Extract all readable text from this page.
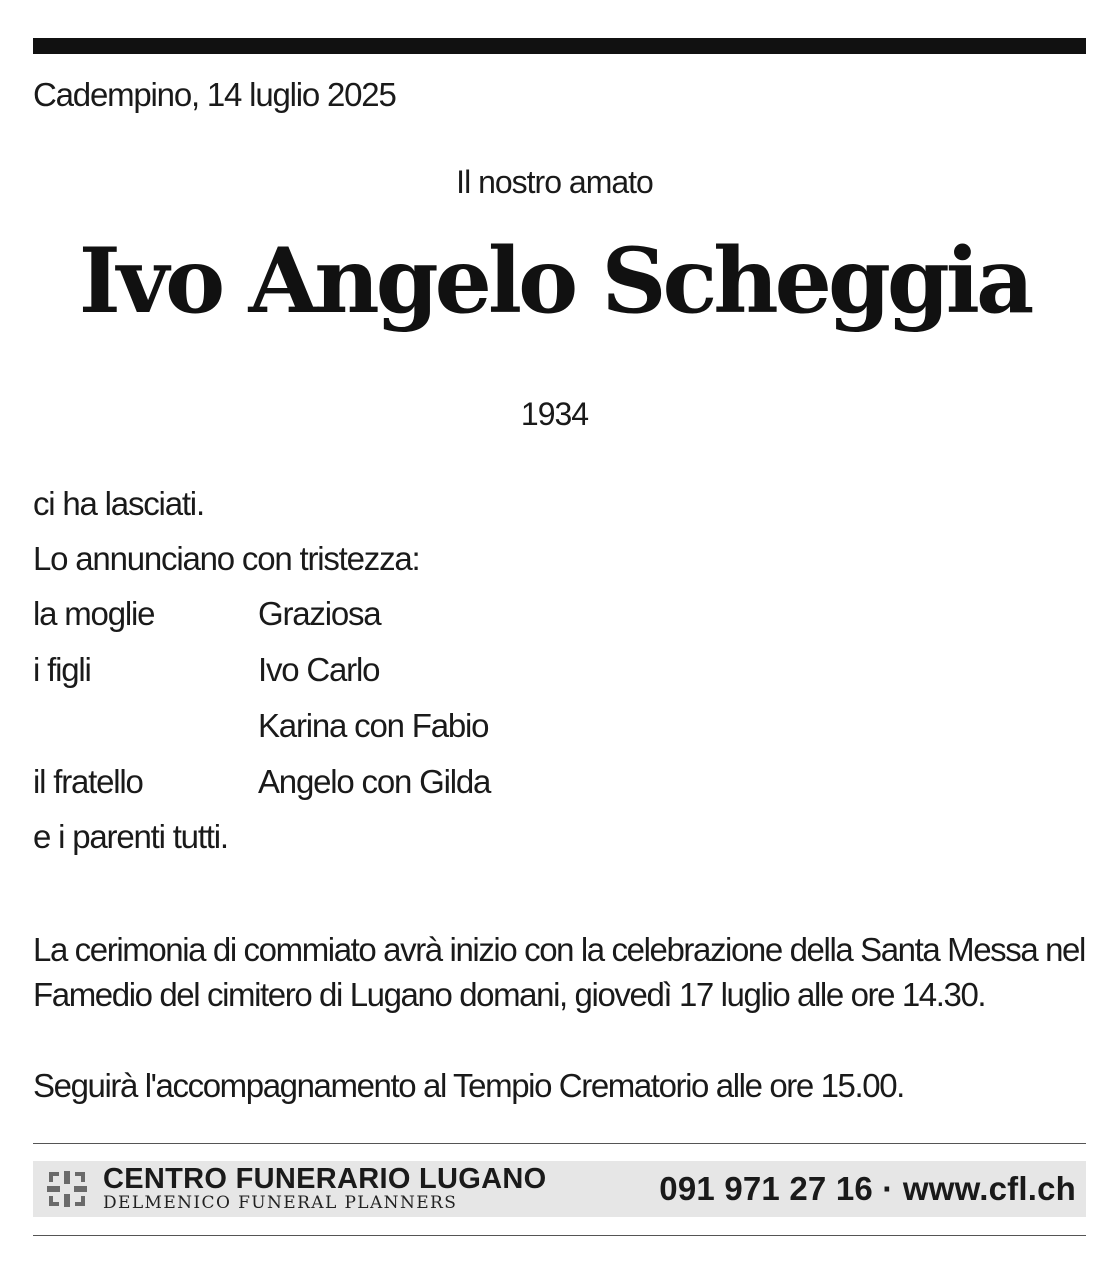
Cadempino, 14 luglio 2025
Il nostro amato
Ivo Angelo Scheggia
1934
ci ha lasciati.
Lo annunciano con tristezza:
la moglie	Graziosa
i figli	Ivo Carlo
Karina con Fabio
il fratello	Angelo con Gilda
e i parenti tutti.
La cerimonia di commiato avrà inizio con la celebrazione della Santa Messa nel Famedio del cimitero di Lugano domani, giovedì 17 luglio alle ore 14.30.
Seguirà l'accompagnamento al Tempio Crematorio alle ore 15.00.
CENTRO FUNERARIO LUGANO
DELMENICO FUNERAL PLANNERS	091 971 27 16 · www.cfl.ch
